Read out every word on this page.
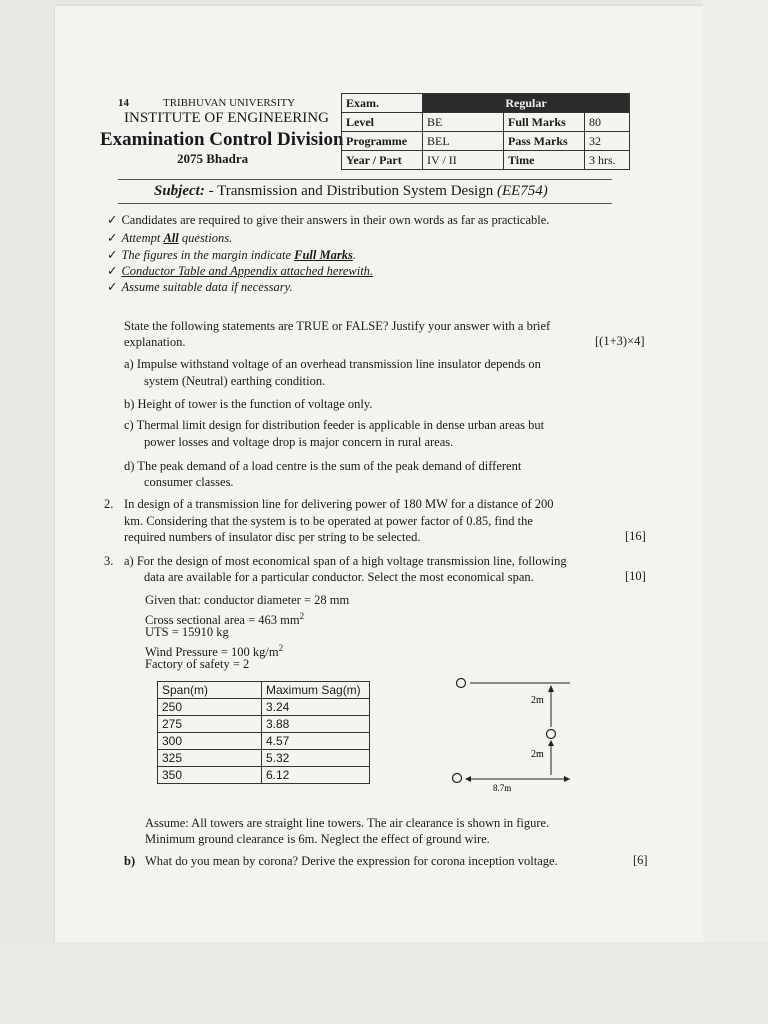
14	TRIBHUVAN UNIVERSITY
INSTITUTE OF ENGINEERING
Examination Control Division
2075 Bhadra
Exam.	Regular		
Level	BE	Full Marks	80
Programme	BEL	Pass Marks	32
Year / Part	IV / II	Time	3 hrs.
Subject: - Transmission and Distribution System Design (EE754)
✓ Candidates are required to give their answers in their own words as far as practicable.
✓ Attempt All questions.
✓ The figures in the margin indicate Full Marks.
✓ Conductor Table and Appendix attached herewith.
✓ Assume suitable data if necessary.
State the following statements are TRUE or FALSE? Justify your answer with a brief
explanation.	[(1+3)×4]
a) Impulse withstand voltage of an overhead transmission line insulator depends on
system (Neutral) earthing condition.
b) Height of tower is the function of voltage only.
c) Thermal limit design for distribution feeder is applicable in dense urban areas but
power losses and voltage drop is major concern in rural areas.
d) The peak demand of a load centre is the sum of the peak demand of different
consumer classes.
2. In design of a transmission line for delivering power of 180 MW for a distance of 200
km. Considering that the system is to be operated at power factor of 0.85, find the
required numbers of insulator disc per string to be selected.	[16]
3. a) For the design of most economical span of a high voltage transmission line, following
data are available for a particular conductor. Select the most economical span.	[10]
Given that: conductor diameter = 28 mm
Cross sectional area = 463 $mm^2$
UTS = 15910 kg
Wind Pressure = 100 $kg/m^2$
Factory of safety = 2
Span(m)	Maximum Sag(m)
250	3.24
275	3.88
300	4.57
325	5.32
350	6.12
2m
2m
8.7m
Assume: All towers are straight line towers. The air clearance is shown in figure.
Minimum ground clearance is 6m. Neglect the effect of ground wire.
b) What do you mean by corona? Derive the expression for corona inception voltage.	[6]
